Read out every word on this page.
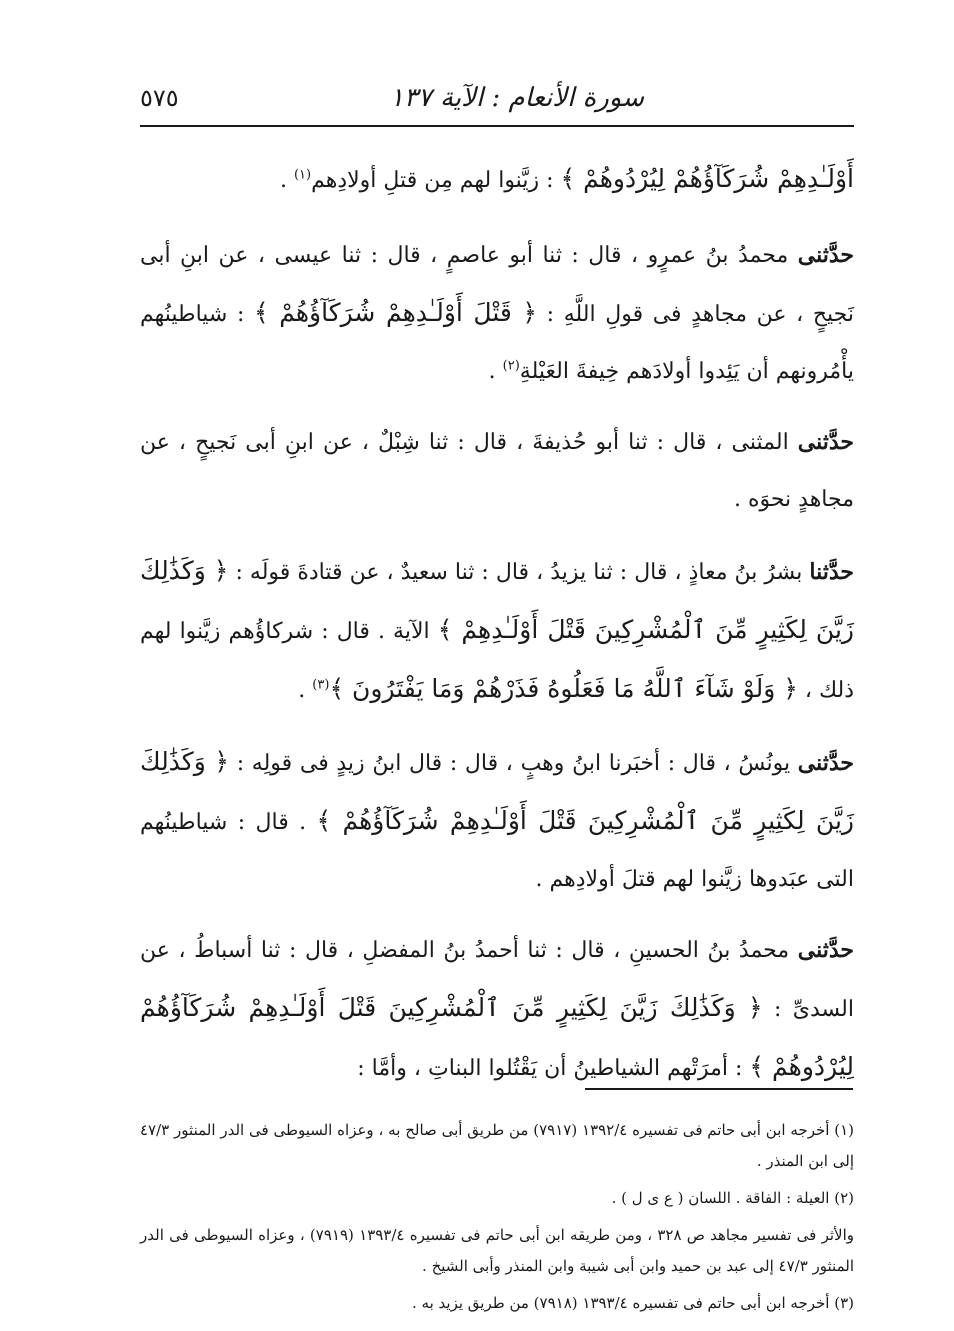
سورة الأنعام : الآية ١٣٧
٥٧٥

أَوْلَـٰدِهِمْ شُرَكَآؤُهُمْ لِيُرْدُوهُمْ ﴾ : زيَّنوا لهم مِن قتلِ أولادِهم$^{(١)}$ .

حدَّثنى محمدُ بنُ عمرٍو ، قال : ثنا أبو عاصمٍ ، قال : ثنا عيسى ، عن ابنِ أبى نَجيحٍ ، عن مجاهدٍ فى قولِ اللَّهِ : ﴿ قَتْلَ أَوْلَـٰدِهِمْ شُرَكَآؤُهُمْ ﴾ : شياطينُهم يأْمُرونهم أن يَئِدوا أولادَهم خِيفةَ العَيْلةِ$^{(٢)}$ .

حدَّثنى المثنى ، قال : ثنا أبو حُذيفةَ ، قال : ثنا شِبْلٌ ، عن ابنِ أبى نَجيحٍ ، عن مجاهدٍ نحوَه .

حدَّثنا بشرُ بنُ معاذٍ ، قال : ثنا يزيدُ ، قال : ثنا سعيدٌ ، عن قتادةَ قولَه : ﴿ وَكَذَٰلِكَ زَيَّنَ لِكَثِيرٍ مِّنَ ٱلْمُشْرِكِينَ قَتْلَ أَوْلَـٰدِهِمْ ﴾ الآية . قال : شركاؤُهم زيَّنوا لهم ذلك ، ﴿ وَلَوْ شَآءَ ٱللَّهُ مَا فَعَلُوهُ فَذَرْهُمْ وَمَا يَفْتَرُونَ ﴾$^{(٣)}$ .

حدَّثنى يونُسُ ، قال : أخبَرنا ابنُ وهبٍ ، قال : قال ابنُ زيدٍ فى قولِه : ﴿ وَكَذَٰلِكَ زَيَّنَ لِكَثِيرٍ مِّنَ ٱلْمُشْرِكِينَ قَتْلَ أَوْلَـٰدِهِمْ شُرَكَآؤُهُمْ ﴾ . قال : شياطينُهم التى عبَدوها زيَّنوا لهم قتلَ أولادِهم .

حدَّثنى محمدُ بنُ الحسينِ ، قال : ثنا أحمدُ بنُ المفضلِ ، قال : ثنا أسباطُ ، عن السدىِّ : ﴿ وَكَذَٰلِكَ زَيَّنَ لِكَثِيرٍ مِّنَ ٱلْمُشْرِكِينَ قَتْلَ أَوْلَـٰدِهِمْ شُرَكَآؤُهُمْ لِيُرْدُوهُمْ ﴾ : أمرَتْهم الشياطينُ أن يَقْتُلوا البناتِ ، وأمَّا :

(١) أخرجه ابن أبى حاتم فى تفسيره ١٣٩٢/٤ (٧٩١٧) من طريق أبى صالح به ، وعزاه السيوطى فى الدر المنثور ٤٧/٣ إلى ابن المنذر .

(٢) العيلة : الفاقة . اللسان ( ع ى ل ) .

والأثر فى تفسير مجاهد ص ٣٢٨ ، ومن طريقه ابن أبى حاتم فى تفسيره ١٣٩٣/٤ (٧٩١٩) ، وعزاه السيوطى فى الدر المنثور ٤٧/٣ إلى عبد بن حميد وابن أبى شيبة وابن المنذر وأبى الشيخ .

(٣) أخرجه ابن أبى حاتم فى تفسيره ١٣٩٣/٤ (٧٩١٨) من طريق يزيد به .
